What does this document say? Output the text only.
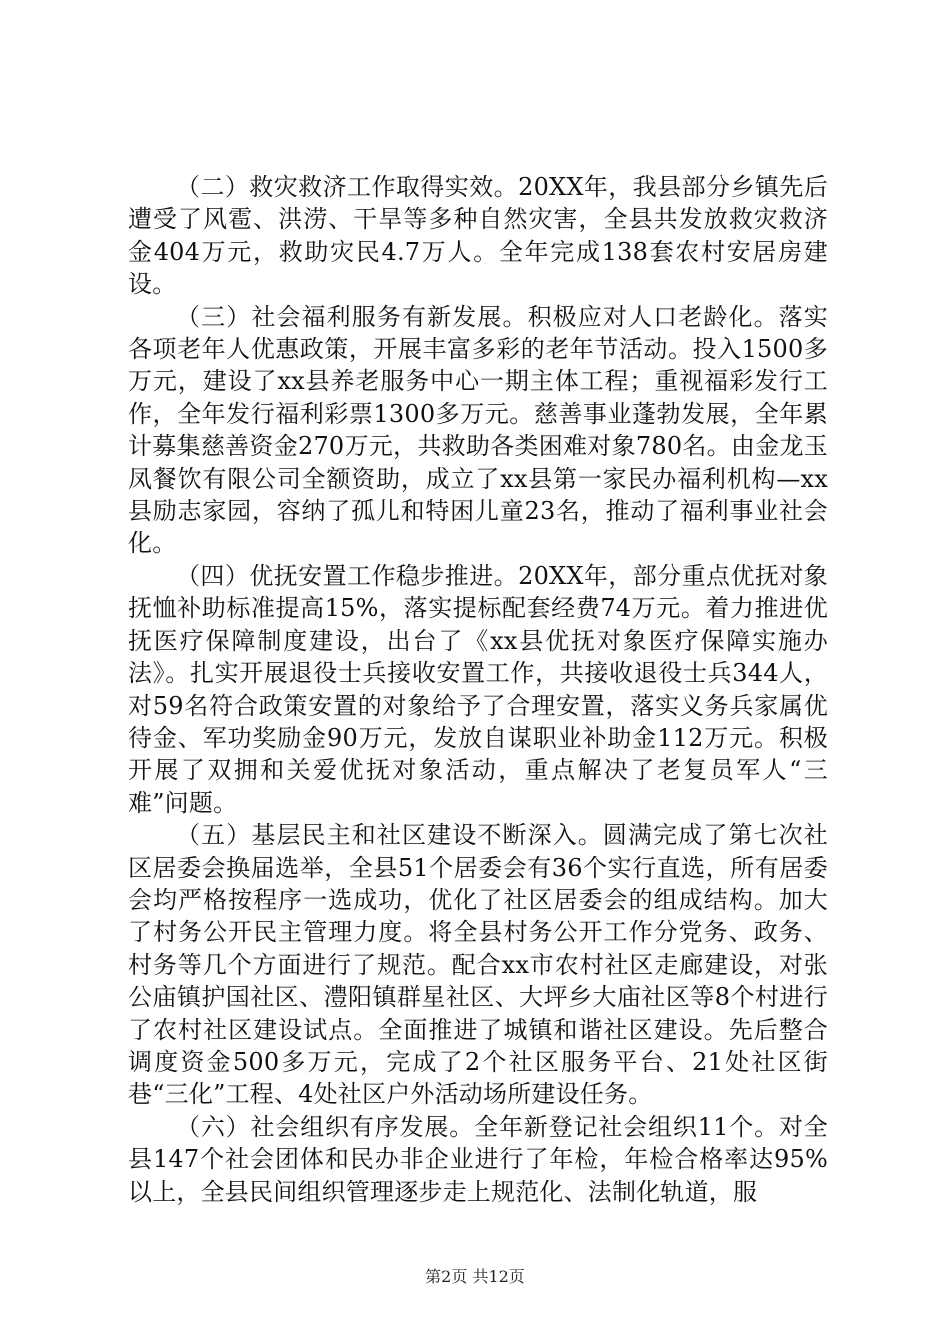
（二）救灾救济工作取得实效。20XX年，我县部分乡镇先后遭受了风雹、洪涝、干旱等多种自然灾害，全县共发放救灾救济金404万元，救助灾民4.7万人。全年完成138套农村安居房建设。

（三）社会福利服务有新发展。积极应对人口老龄化。落实各项老年人优惠政策，开展丰富多彩的老年节活动。投入1500多万元，建设了xx县养老服务中心一期主体工程；重视福彩发行工作，全年发行福利彩票1300多万元。慈善事业蓬勃发展，全年累计募集慈善资金270万元，共救助各类困难对象780名。由金龙玉凤餐饮有限公司全额资助，成立了xx县第一家民办福利机构—xx县励志家园，容纳了孤儿和特困儿童23名，推动了福利事业社会化。

（四）优抚安置工作稳步推进。20XX年，部分重点优抚对象抚恤补助标准提高15%，落实提标配套经费74万元。着力推进优抚医疗保障制度建设，出台了《xx县优抚对象医疗保障实施办法》。扎实开展退役士兵接收安置工作，共接收退役士兵344人，对59名符合政策安置的对象给予了合理安置，落实义务兵家属优待金、军功奖励金90万元，发放自谋职业补助金112万元。积极开展了双拥和关爱优抚对象活动，重点解决了老复员军人“三难”问题。

（五）基层民主和社区建设不断深入。圆满完成了第七次社区居委会换届选举，全县51个居委会有36个实行直选，所有居委会均严格按程序一选成功，优化了社区居委会的组成结构。加大了村务公开民主管理力度。将全县村务公开工作分党务、政务、村务等几个方面进行了规范。配合xx市农村社区走廊建设，对张公庙镇护国社区、澧阳镇群星社区、大坪乡大庙社区等8个村进行了农村社区建设试点。全面推进了城镇和谐社区建设。先后整合调度资金500多万元，完成了2个社区服务平台、21处社区街巷“三化”工程、4处社区户外活动场所建设任务。

（六）社会组织有序发展。全年新登记社会组织11个。对全县147个社会团体和民办非企业进行了年检，年检合格率达95%以上，全县民间组织管理逐步走上规范化、法制化轨道，服

第2页 共12页
